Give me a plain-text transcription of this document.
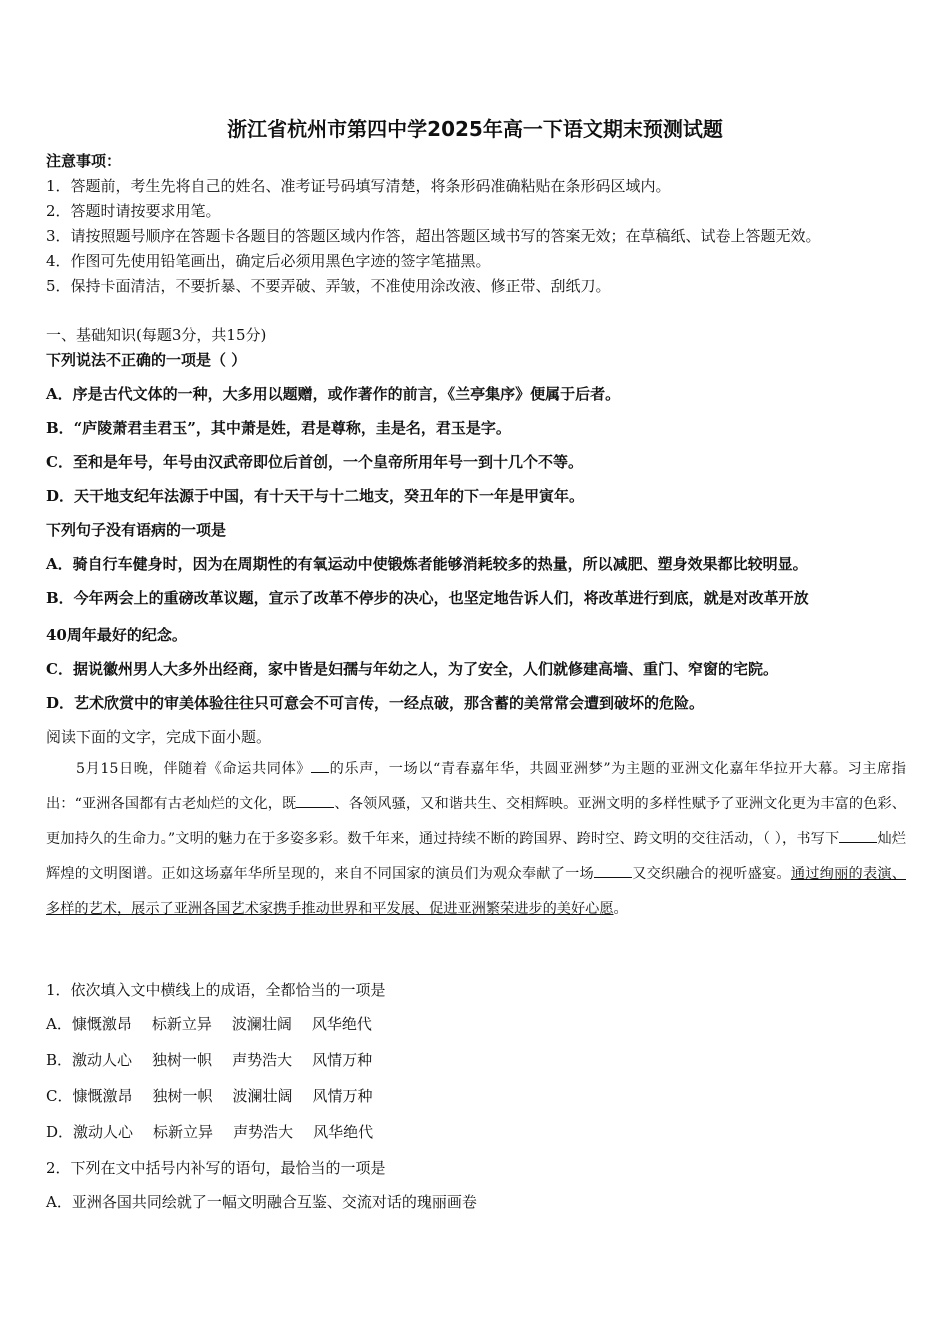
浙江省杭州市第四中学2025年高一下语文期末预测试题
注意事项：
1．答题前，考生先将自己的姓名、准考证号码填写清楚，将条形码准确粘贴在条形码区域内。
2．答题时请按要求用笔。
3．请按照题号顺序在答题卡各题目的答题区域内作答，超出答题区域书写的答案无效；在草稿纸、试卷上答题无效。
4．作图可先使用铅笔画出，确定后必须用黑色字迹的签字笔描黑。
5．保持卡面清洁，不要折暴、不要弄破、弄皱，不准使用涂改液、修正带、刮纸刀。
一、基础知识(每题3分，共15分)
下列说法不正确的一项是（ ）
A．序是古代文体的一种，大多用以题赠，或作著作的前言，《兰亭集序》便属于后者。
B．“庐陵萧君圭君玉”，其中萧是姓，君是尊称，圭是名，君玉是字。
C．至和是年号，年号由汉武帝即位后首创，一个皇帝所用年号一到十几个不等。
D．天干地支纪年法源于中国，有十天干与十二地支，癸丑年的下一年是甲寅年。
下列句子没有语病的一项是
A．骑自行车健身时，因为在周期性的有氧运动中使锻炼者能够消耗较多的热量，所以减肥、塑身效果都比较明显。
B．今年两会上的重磅改革议题，宣示了改革不停步的决心，也坚定地告诉人们，将改革进行到底，就是对改革开放
40周年最好的纪念。
C．据说徽州男人大多外出经商，家中皆是妇孺与年幼之人，为了安全，人们就修建高墙、重门、窄窗的宅院。
D．艺术欣赏中的审美体验往往只可意会不可言传，一经点破，那含蓄的美常常会遭到破坏的危险。
阅读下面的文字，完成下面小题。
5月15日晚，伴随着《命运共同体》 的乐声，一场以“青春嘉年华，共圆亚洲梦”为主题的亚洲文化嘉年华拉开大幕。习主席指出：“亚洲各国都有古老灿烂的文化，既	、各领风骚，又和谐共生、交相辉映。亚洲文明的多样性赋予了亚洲文化更为丰富的色彩、更加持久的生命力。”文明的魅力在于多姿多彩。数千年来，通过持续不断的跨国界、跨时空、跨文明的交往活动，（ ），书写下	灿烂辉煌的文明图谱。正如这场嘉年华所呈现的，来自不同国家的演员们为观众奉献了一场	又交织融合的视听盛宴。通过绚丽的表演、多样的艺术，展示了亚洲各国艺术家携手推动世界和平发展、促进亚洲繁荣进步的美好心愿。
1．依次填入文中横线上的成语，全都恰当的一项是
A．慷慨激昂 标新立异 波澜壮阔 风华绝代
B．激动人心 独树一帜 声势浩大 风情万种
C．慷慨激昂 独树一帜 波澜壮阔 风情万种
D．激动人心 标新立异 声势浩大 风华绝代
2．下列在文中括号内补写的语句，最恰当的一项是
A．亚洲各国共同绘就了一幅文明融合互鉴、交流对话的瑰丽画卷
